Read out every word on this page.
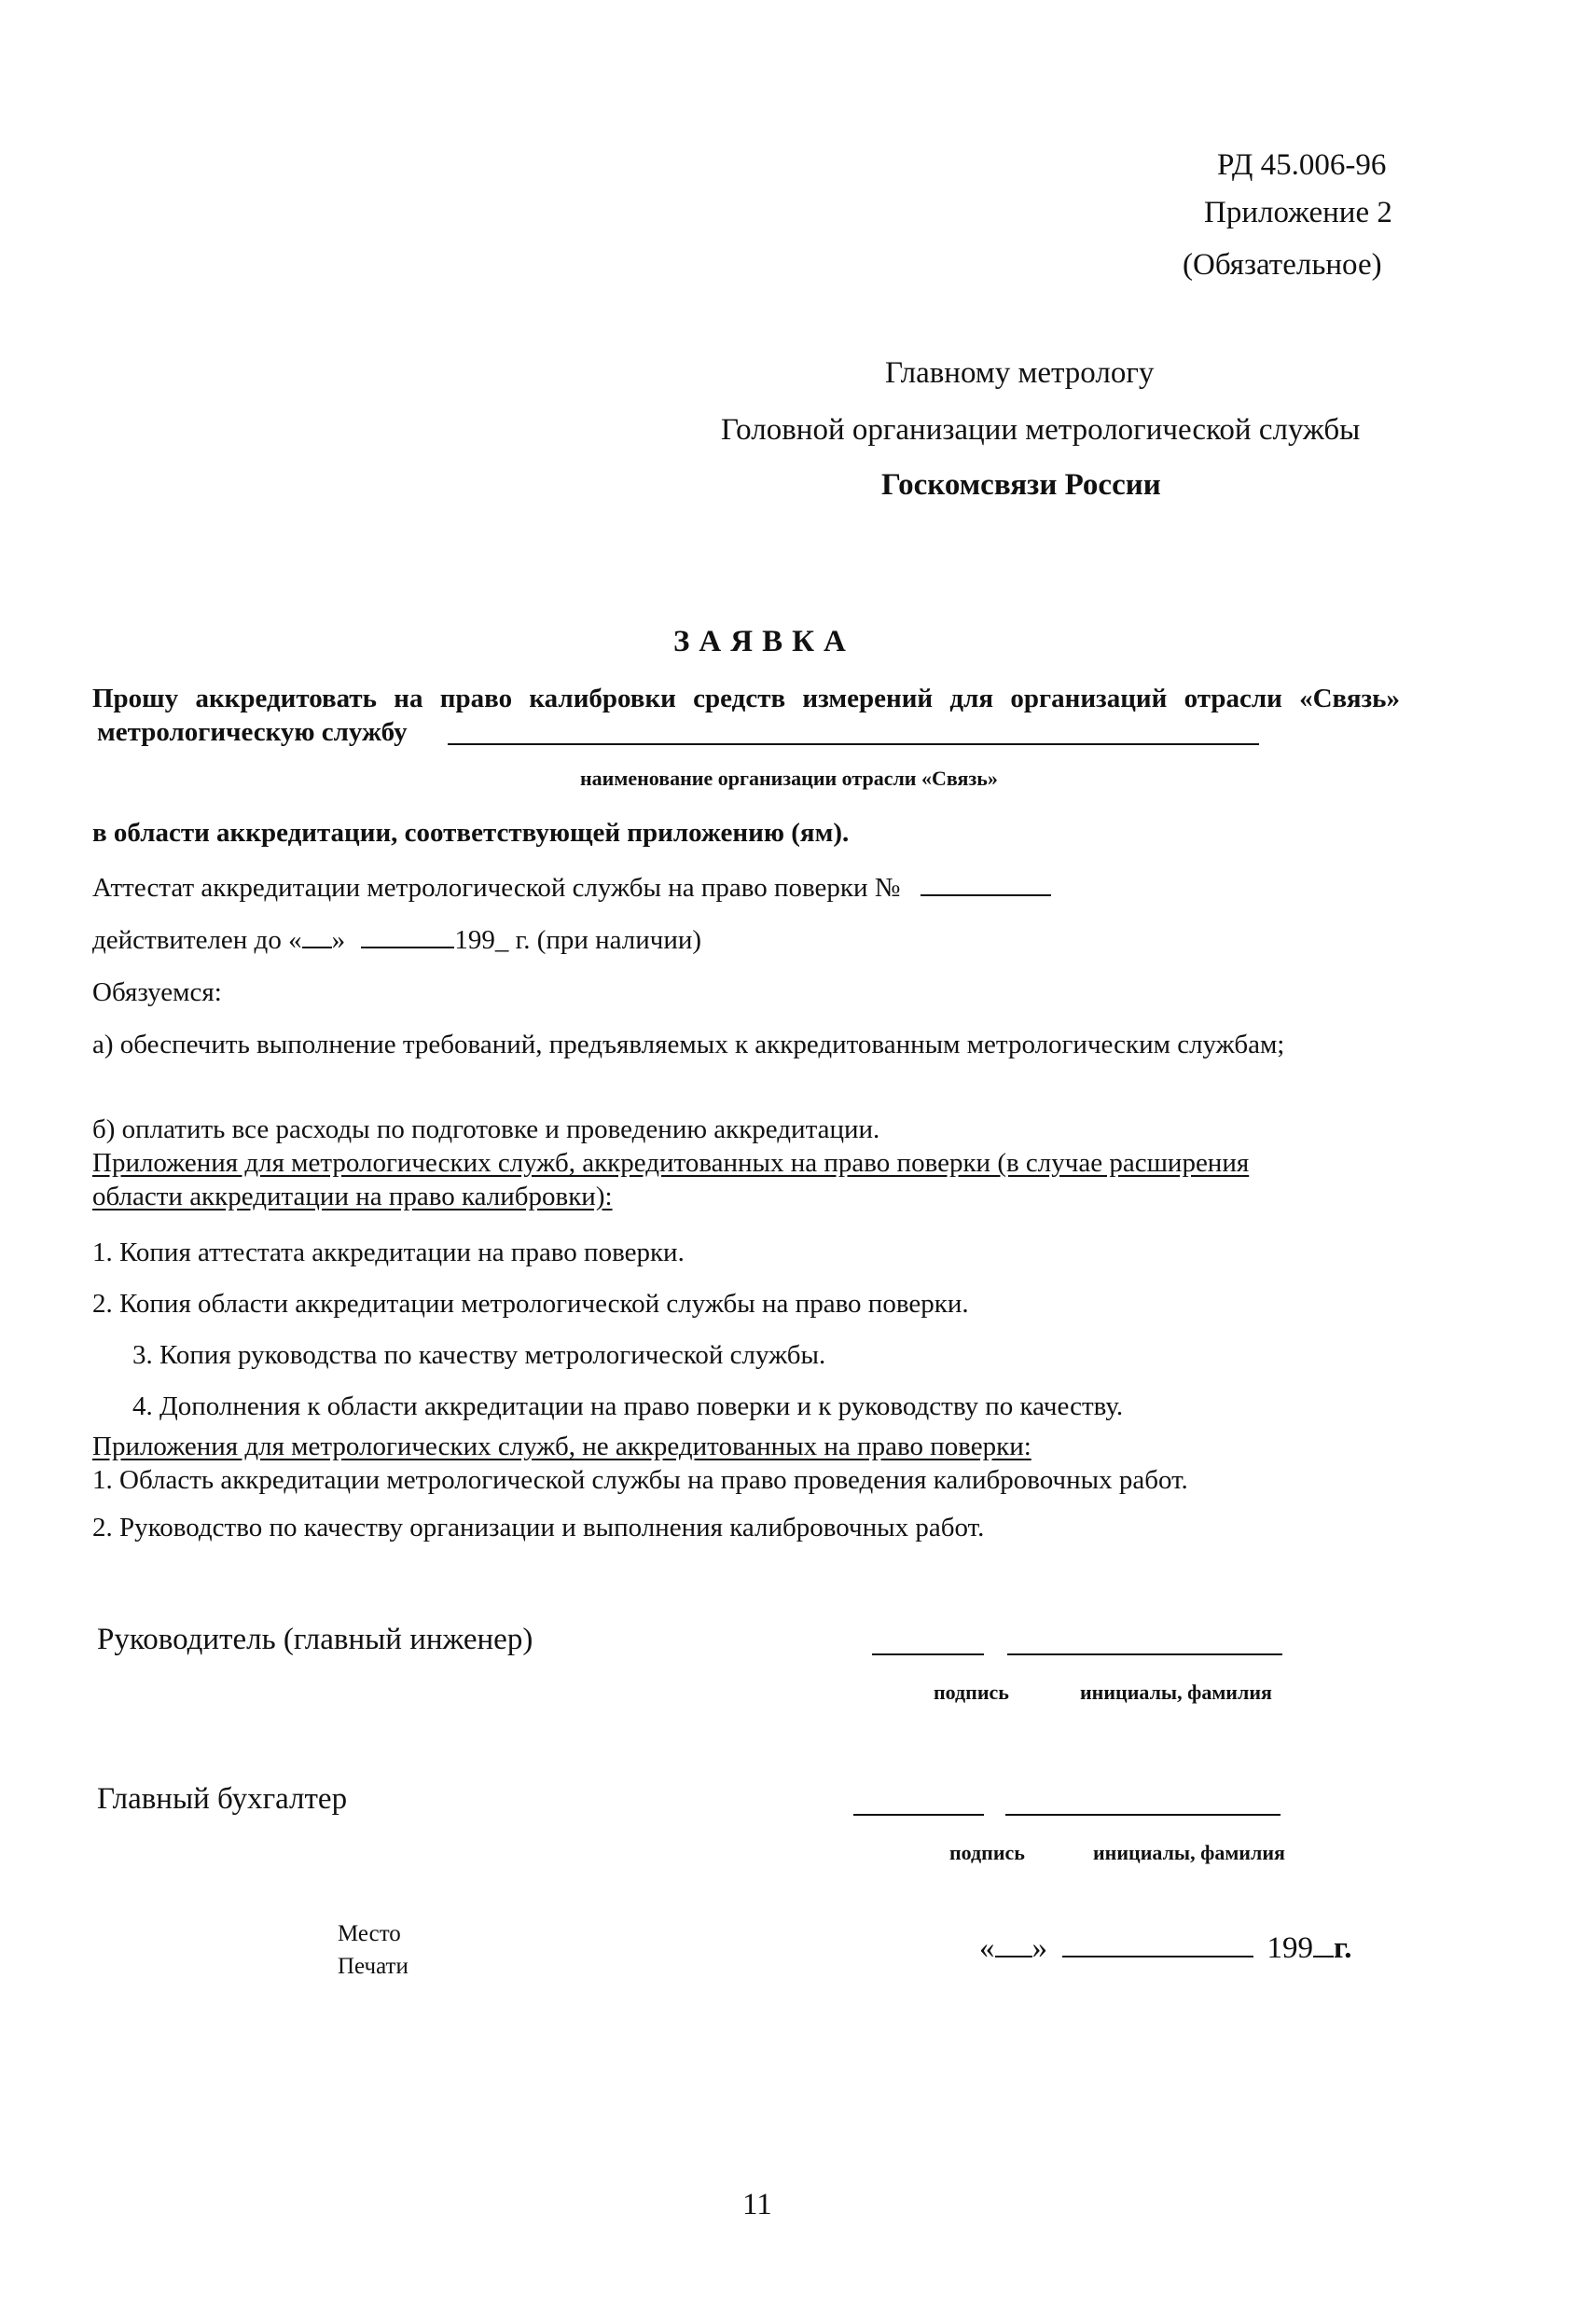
РД 45.006-96
Приложение 2
(Обязательное)
Главному метрологу
Головной организации метрологической службы
Госкомсвязи России
ЗАЯВКА
Прошу аккредитовать на право калибровки средств измерений для организаций отрасли «Связь»
метрологическую службу
наименование организации отрасли «Связь»
в области аккредитации, соответствующей приложению (ям).
Аттестат аккредитации метрологической службы на право поверки №
действителен до « »	199_ г. (при наличии)
Обязуемся:
а) обеспечить выполнение требований, предъявляемых к аккредитованным метрологическим службам;
б) оплатить все расходы по подготовке и проведению аккредитации.
Приложения для метрологических служб, аккредитованных на право поверки (в случае расширения
области аккредитации на право калибровки):
1. Копия аттестата аккредитации на право поверки.
2. Копия области аккредитации метрологической службы на право поверки.
3. Копия руководства по качеству метрологической службы.
4. Дополнения к области аккредитации на право поверки и к руководству по качеству.
Приложения для метрологических служб, не аккредитованных на право поверки:
1. Область аккредитации метрологической службы на право проведения калибровочных работ.
2. Руководство по качеству организации и выполнения калибровочных работ.
Руководитель (главный инженер)
подпись	инициалы, фамилия
Главный бухгалтер
подпись	инициалы, фамилия
Место
Печати
« »	199 г.
11
